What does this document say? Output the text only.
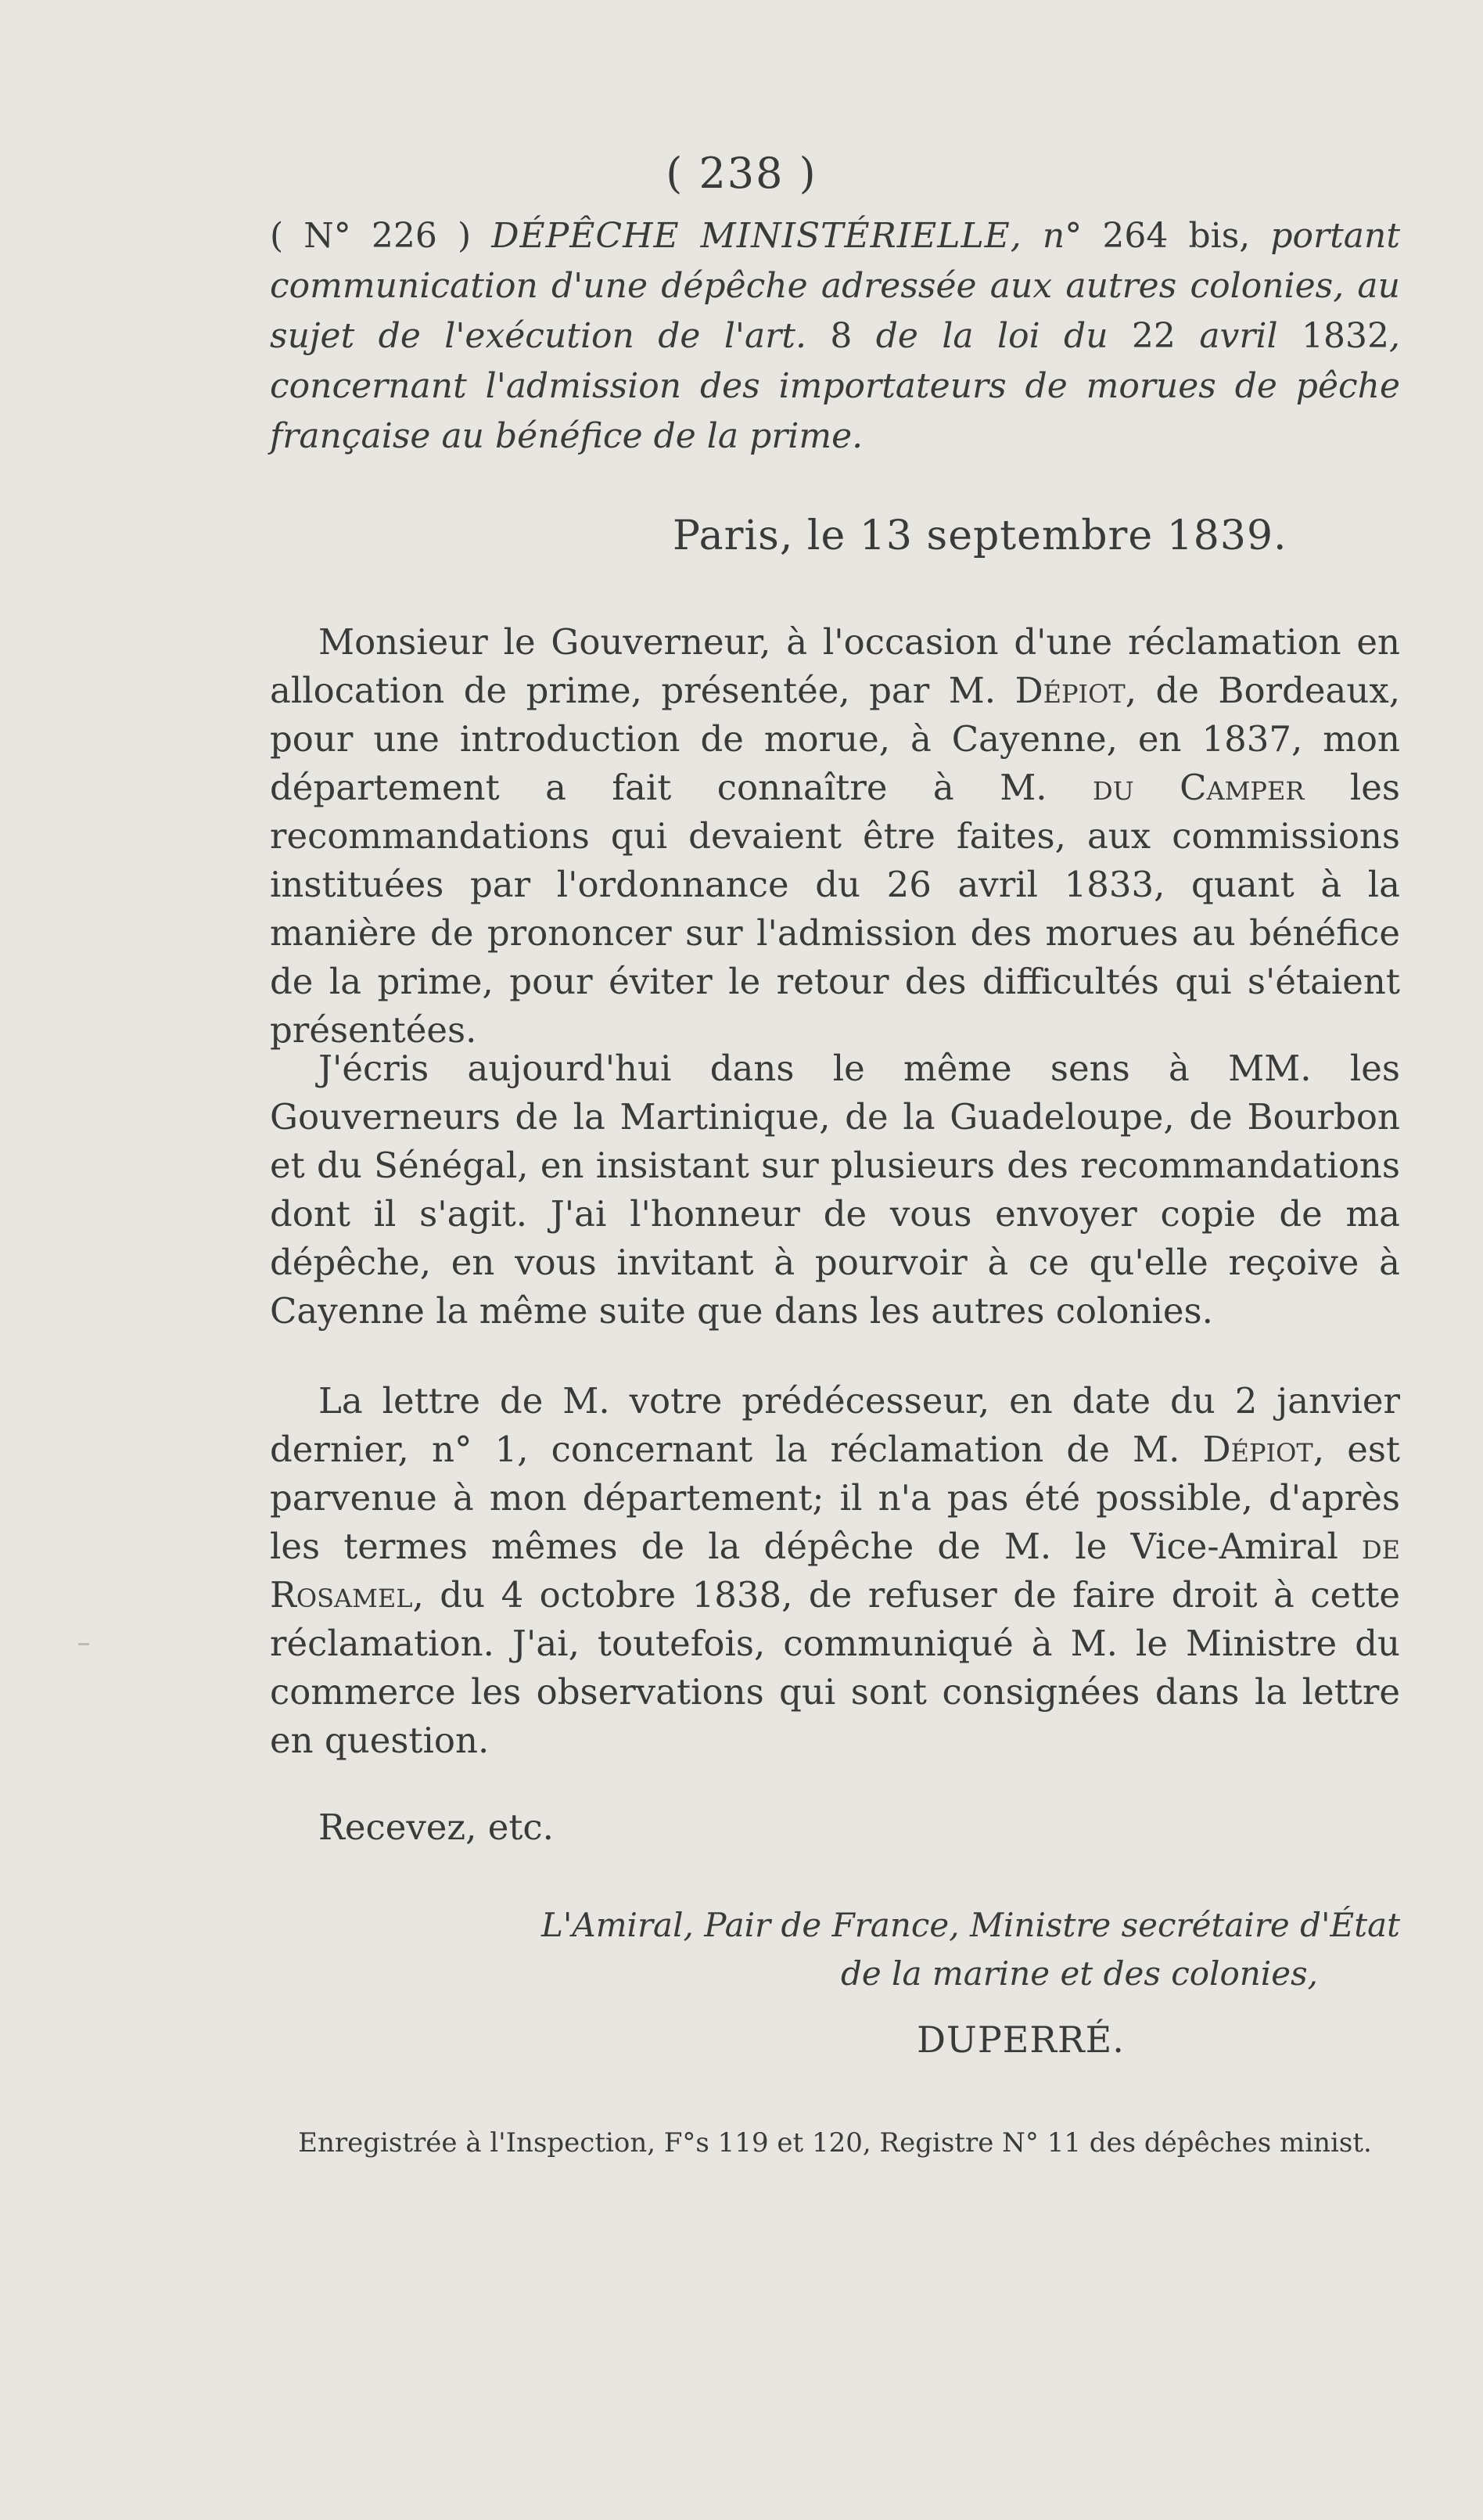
( 238 )
( N° 226 ) DÉPÊCHE MINISTÉRIELLE, n° 264 bis, portant communication d'une dépêche adressée aux autres colonies, au sujet de l'exécution de l'art. 8 de la loi du 22 avril 1832, concernant l'admission des importateurs de morues de pêche française au bénéfice de la prime.
Paris, le 13 septembre 1839.
Monsieur le Gouverneur, à l'occasion d'une réclamation en allocation de prime, présentée, par M. Dépiot, de Bordeaux, pour une introduction de morue, à Cayenne, en 1837, mon département a fait connaître à M. du Camper les recommandations qui devaient être faites, aux commissions instituées par l'ordonnance du 26 avril 1833, quant à la manière de prononcer sur l'admission des morues au bénéfice de la prime, pour éviter le retour des difficultés qui s'étaient présentées.
J'écris aujourd'hui dans le même sens à MM. les Gouverneurs de la Martinique, de la Guadeloupe, de Bourbon et du Sénégal, en insistant sur plusieurs des recommandations dont il s'agit. J'ai l'honneur de vous envoyer copie de ma dépêche, en vous invitant à pourvoir à ce qu'elle reçoive à Cayenne la même suite que dans les autres colonies.
La lettre de M. votre prédécesseur, en date du 2 janvier dernier, n° 1, concernant la réclamation de M. Dépiot, est parvenue à mon département; il n'a pas été possible, d'après les termes mêmes de la dépêche de M. le Vice-Amiral de Rosamel, du 4 octobre 1838, de refuser de faire droit à cette réclamation. J'ai, toutefois, communiqué à M. le Ministre du commerce les observations qui sont consignées dans la lettre en question.
Recevez, etc.
L'Amiral, Pair de France, Ministre secrétaire d'État
de la marine et des colonies,
DUPERRÉ.
Enregistrée à l'Inspection, F°s 119 et 120, Registre N° 11 des dépêches minist.
